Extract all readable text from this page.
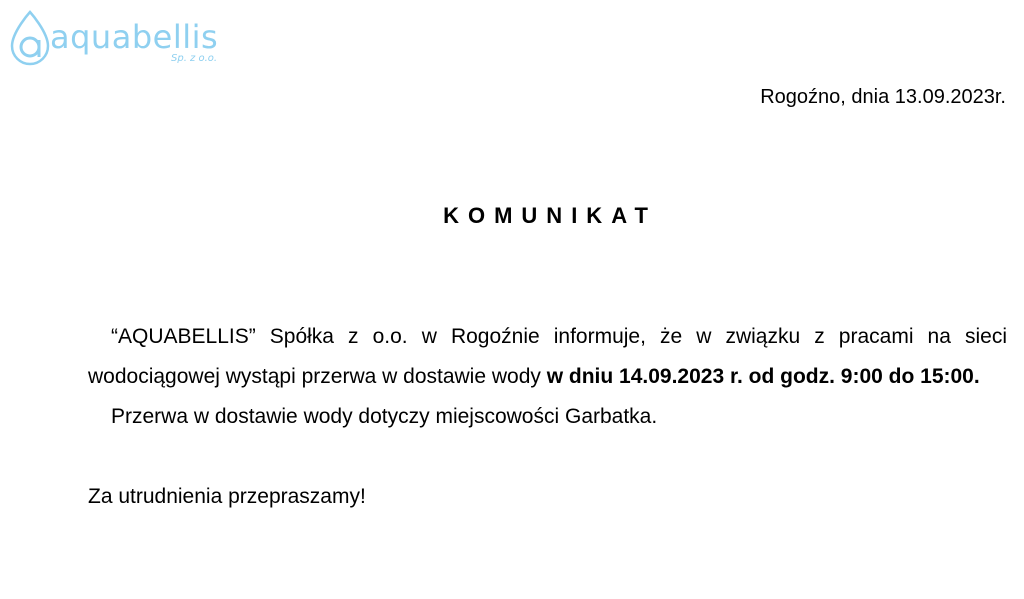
aquabellis
Sp. z o.o.
Rogoźno, dnia 13.09.2023r.
KOMUNIKAT

“AQUABELLIS” Spółka z o.o. w Rogoźnie informuje, że w związku z pracami na sieci wodociągowej wystąpi przerwa w dostawie wody w dniu 14.09.2023 r. od godz. 9:00 do 15:00.

Przerwa w dostawie wody dotyczy miejscowości Garbatka.

Za utrudnienia przepraszamy!
